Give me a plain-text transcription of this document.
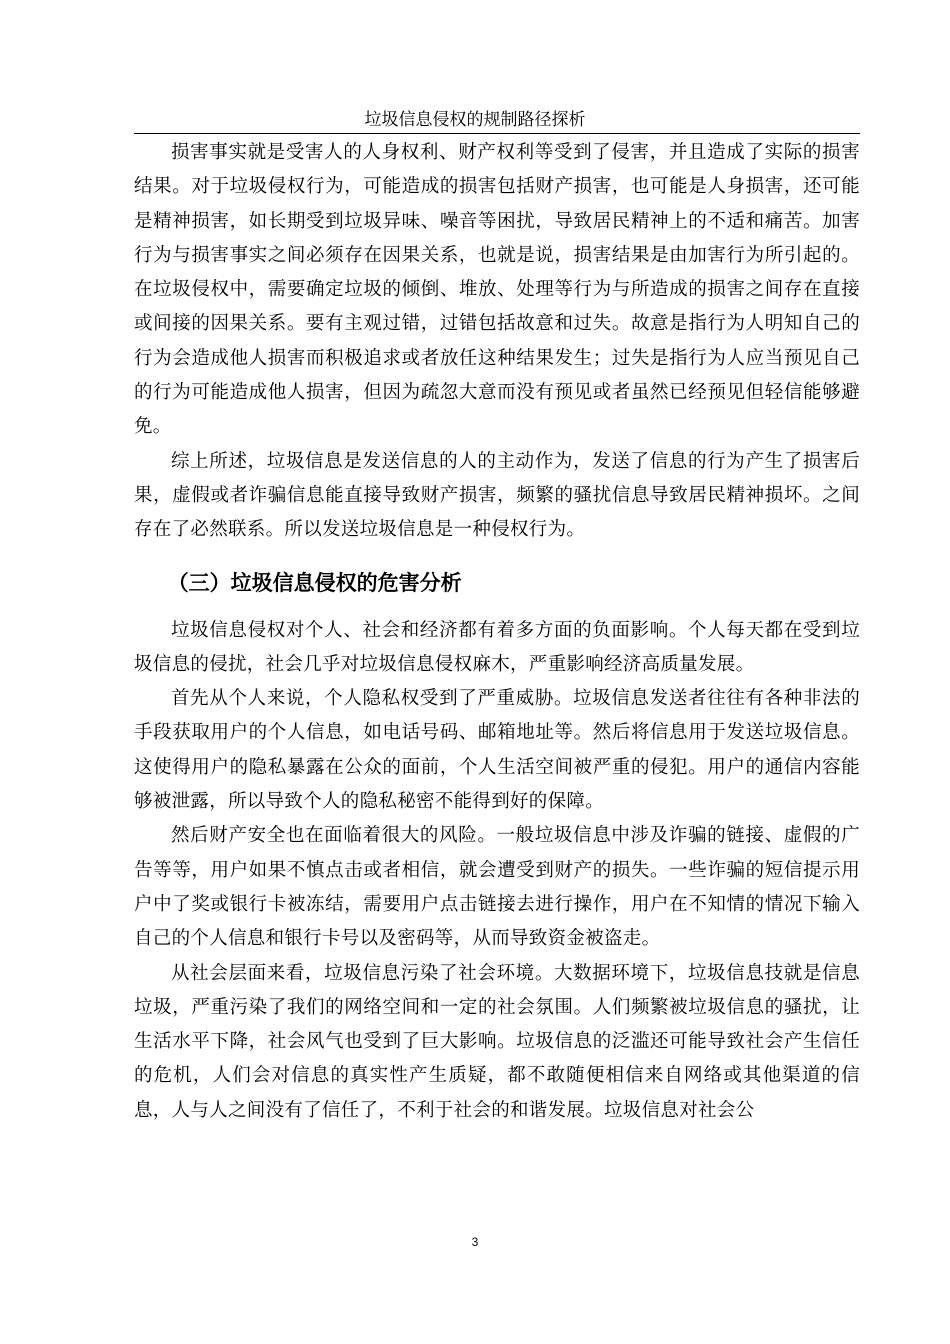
垃圾信息侵权的规制路径探析

损害事实就是受害人的人身权利、财产权利等受到了侵害，并且造成了实际的损害结果。对于垃圾侵权行为，可能造成的损害包括财产损害，也可能是人身损害，还可能是精神损害，如长期受到垃圾异味、噪音等困扰，导致居民精神上的不适和痛苦。加害行为与损害事实之间必须存在因果关系，也就是说，损害结果是由加害行为所引起的。在垃圾侵权中，需要确定垃圾的倾倒、堆放、处理等行为与所造成的损害之间存在直接或间接的因果关系。要有主观过错，过错包括故意和过失。故意是指行为人明知自己的行为会造成他人损害而积极追求或者放任这种结果发生；过失是指行为人应当预见自己的行为可能造成他人损害，但因为疏忽大意而没有预见或者虽然已经预见但轻信能够避免。

综上所述，垃圾信息是发送信息的人的主动作为，发送了信息的行为产生了损害后果，虚假或者诈骗信息能直接导致财产损害，频繁的骚扰信息导致居民精神损坏。之间存在了必然联系。所以发送垃圾信息是一种侵权行为。

（三）垃圾信息侵权的危害分析

垃圾信息侵权对个人、社会和经济都有着多方面的负面影响。个人每天都在受到垃圾信息的侵扰，社会几乎对垃圾信息侵权麻木，严重影响经济高质量发展。

首先从个人来说，个人隐私权受到了严重威胁。垃圾信息发送者往往有各种非法的手段获取用户的个人信息，如电话号码、邮箱地址等。然后将信息用于发送垃圾信息。这使得用户的隐私暴露在公众的面前，个人生活空间被严重的侵犯。用户的通信内容能够被泄露，所以导致个人的隐私秘密不能得到好的保障。

然后财产安全也在面临着很大的风险。一般垃圾信息中涉及诈骗的链接、虚假的广告等等，用户如果不慎点击或者相信，就会遭受到财产的损失。一些诈骗的短信提示用户中了奖或银行卡被冻结，需要用户点击链接去进行操作，用户在不知情的情况下输入自己的个人信息和银行卡号以及密码等，从而导致资金被盗走。

从社会层面来看，垃圾信息污染了社会环境。大数据环境下，垃圾信息技就是信息垃圾，严重污染了我们的网络空间和一定的社会氛围。人们频繁被垃圾信息的骚扰，让生活水平下降，社会风气也受到了巨大影响。垃圾信息的泛滥还可能导致社会产生信任的危机，人们会对信息的真实性产生质疑，都不敢随便相信来自网络或其他渠道的信息，人与人之间没有了信任了，不利于社会的和谐发展。垃圾信息对社会公

3
